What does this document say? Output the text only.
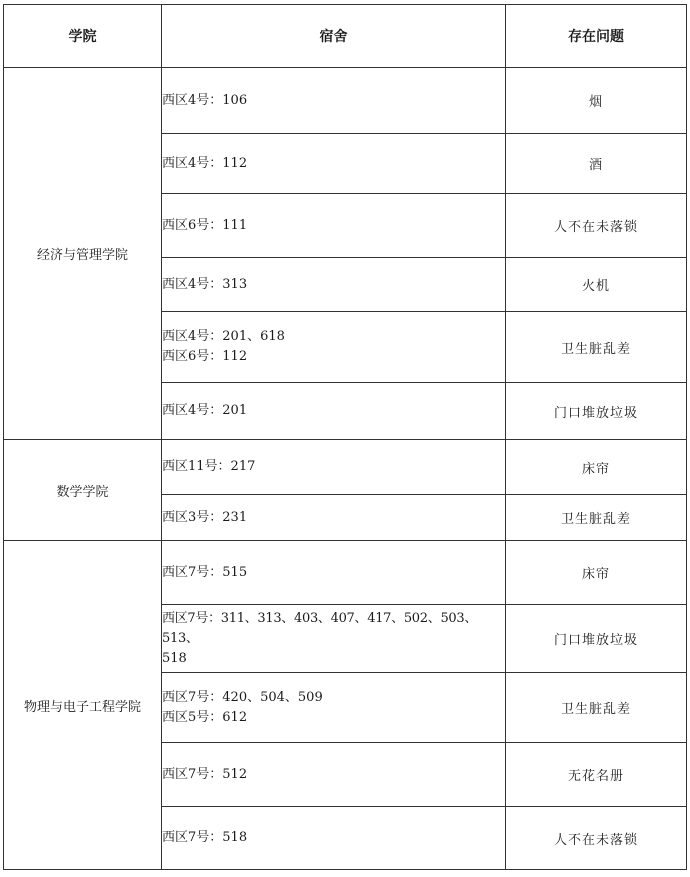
学院	宿舍	存在问题
经济与管理学院	西区4号：106	烟

	西区4号：112	酒

	西区6号：111	人不在未落锁

	西区4号：313	火机

	西区4号：201、618
西区6号：112	卫生脏乱差

	西区4号：201	门口堆放垃圾
数学学院	西区11号：217	床帘

	西区3号：231	卫生脏乱差
物理与电子工程学院	西区7号：515	床帘

	西区7号：311、313、403、407、417、502、503、513、
518	门口堆放垃圾

	西区7号：420、504、509
西区5号：612	卫生脏乱差

	西区7号：512	无花名册

	西区7号：518	人不在未落锁
